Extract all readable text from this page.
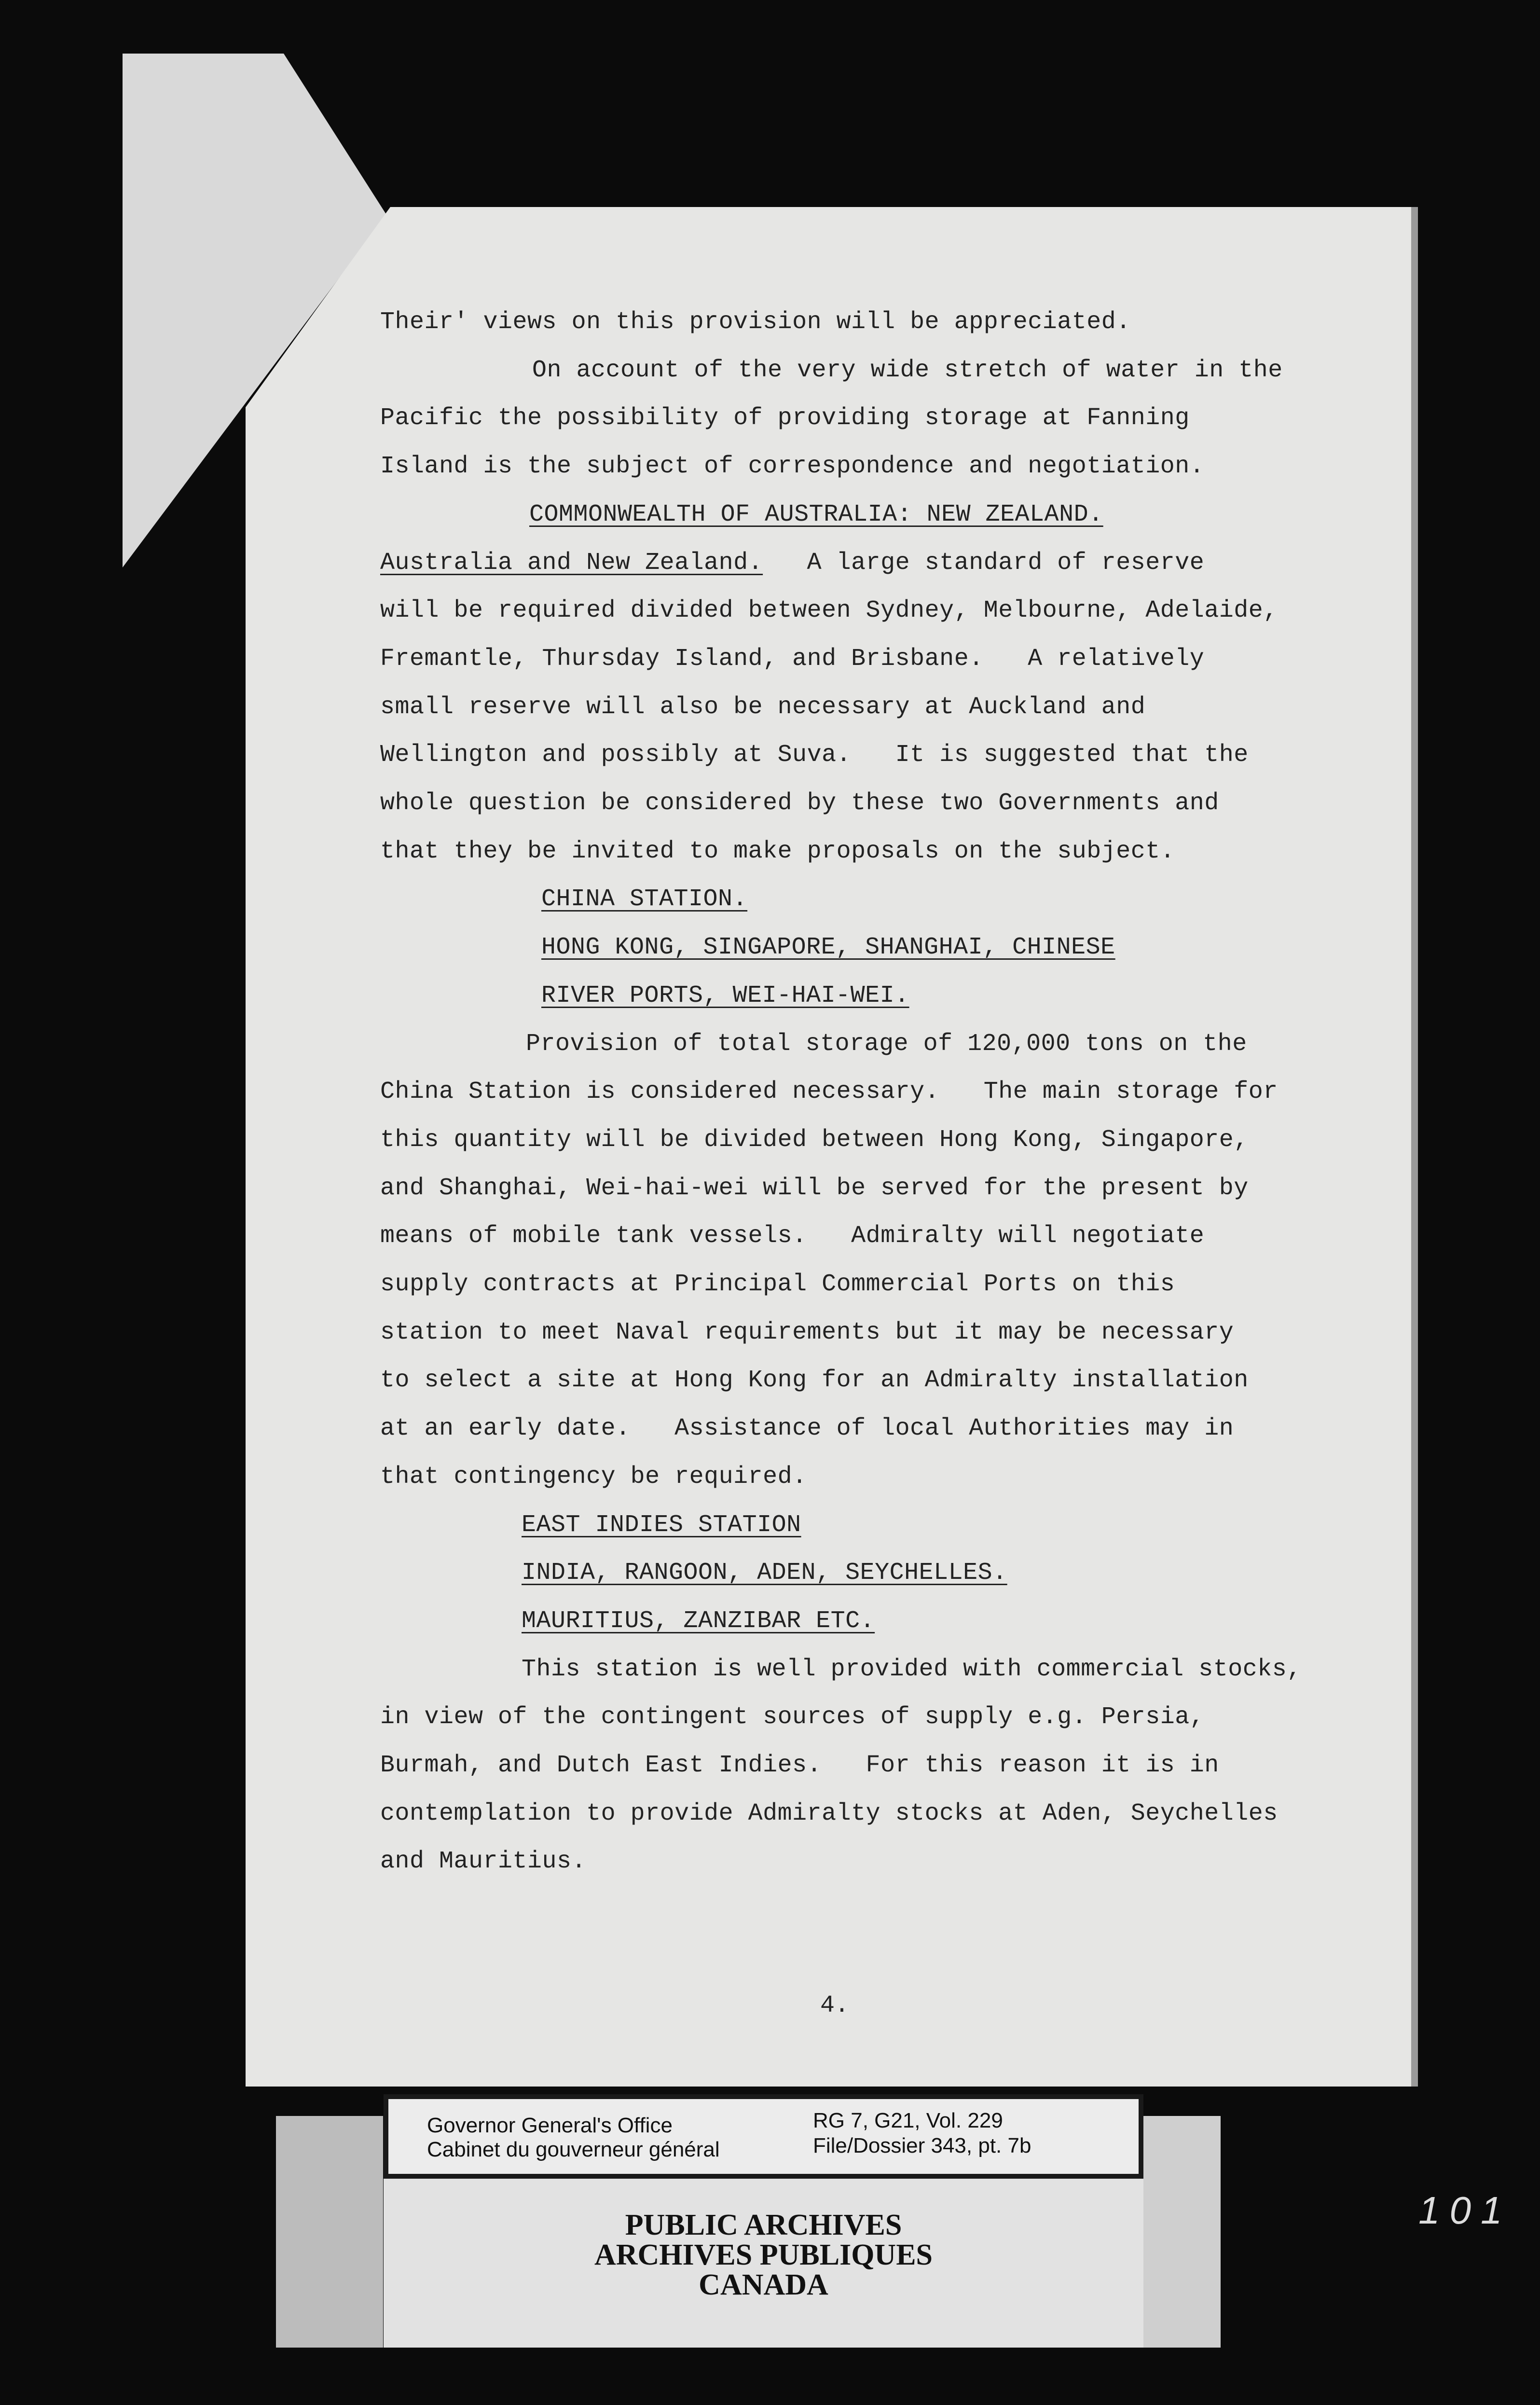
Their' views on this provision will be appreciated.
On account of the very wide stretch of water in the
Pacific the possibility of providing storage at Fanning
Island is the subject of correspondence and negotiation.
COMMONWEALTH OF AUSTRALIA: NEW ZEALAND.
Australia and New Zealand.   A large standard of reserve
will be required divided between Sydney, Melbourne, Adelaide,
Fremantle, Thursday Island, and Brisbane.   A relatively
small reserve will also be necessary at Auckland and
Wellington and possibly at Suva.   It is suggested that the
whole question be considered by these two Governments and
that they be invited to make proposals on the subject.
CHINA STATION.
HONG KONG, SINGAPORE, SHANGHAI, CHINESE
RIVER PORTS, WEI-HAI-WEI.
Provision of total storage of 120,000 tons on the
China Station is considered necessary.   The main storage for
this quantity will be divided between Hong Kong, Singapore,
and Shanghai, Wei-hai-wei will be served for the present by
means of mobile tank vessels.   Admiralty will negotiate
supply contracts at Principal Commercial Ports on this
station to meet Naval requirements but it may be necessary
to select a site at Hong Kong for an Admiralty installation
at an early date.   Assistance of local Authorities may in
that contingency be required.
EAST INDIES STATION
INDIA, RANGOON, ADEN, SEYCHELLES.
MAURITIUS, ZANZIBAR ETC.
This station is well provided with commercial stocks,
in view of the contingent sources of supply e.g. Persia,
Burmah, and Dutch East Indies.   For this reason it is in
contemplation to provide Admiralty stocks at Aden, Seychelles
and Mauritius.
4.
Governor General's Office
Cabinet du gouverneur général
RG 7, G21, Vol. 229
File/Dossier 343, pt. 7b
PUBLIC ARCHIVES
ARCHIVES PUBLIQUES
CANADA
101
